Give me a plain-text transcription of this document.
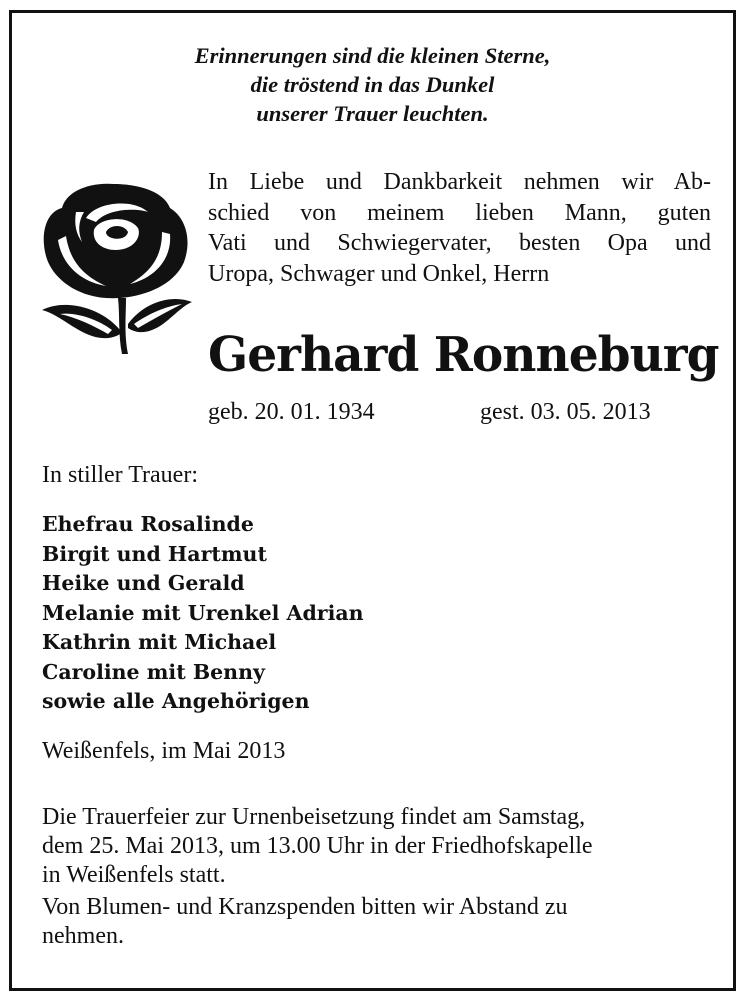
Erinnerungen sind die kleinen Sterne,
die tröstend in das Dunkel
unserer Trauer leuchten.
In Liebe und Dankbarkeit nehmen wir Ab-
schied von meinem lieben Mann, guten
Vati und Schwiegervater, besten Opa und
Uropa, Schwager und Onkel, Herrn
Gerhard Ronneburg
geb. 20. 01. 1934	gest. 03. 05. 2013
In stiller Trauer:
Ehefrau Rosalinde
Birgit und Hartmut
Heike und Gerald
Melanie mit Urenkel Adrian
Kathrin mit Michael
Caroline mit Benny
sowie alle Angehörigen
Weißenfels, im Mai 2013
Die Trauerfeier zur Urnenbeisetzung findet am Samstag,
dem 25. Mai 2013, um 13.00 Uhr in der Friedhofskapelle
in Weißenfels statt.
Von Blumen- und Kranzspenden bitten wir Abstand zu
nehmen.
